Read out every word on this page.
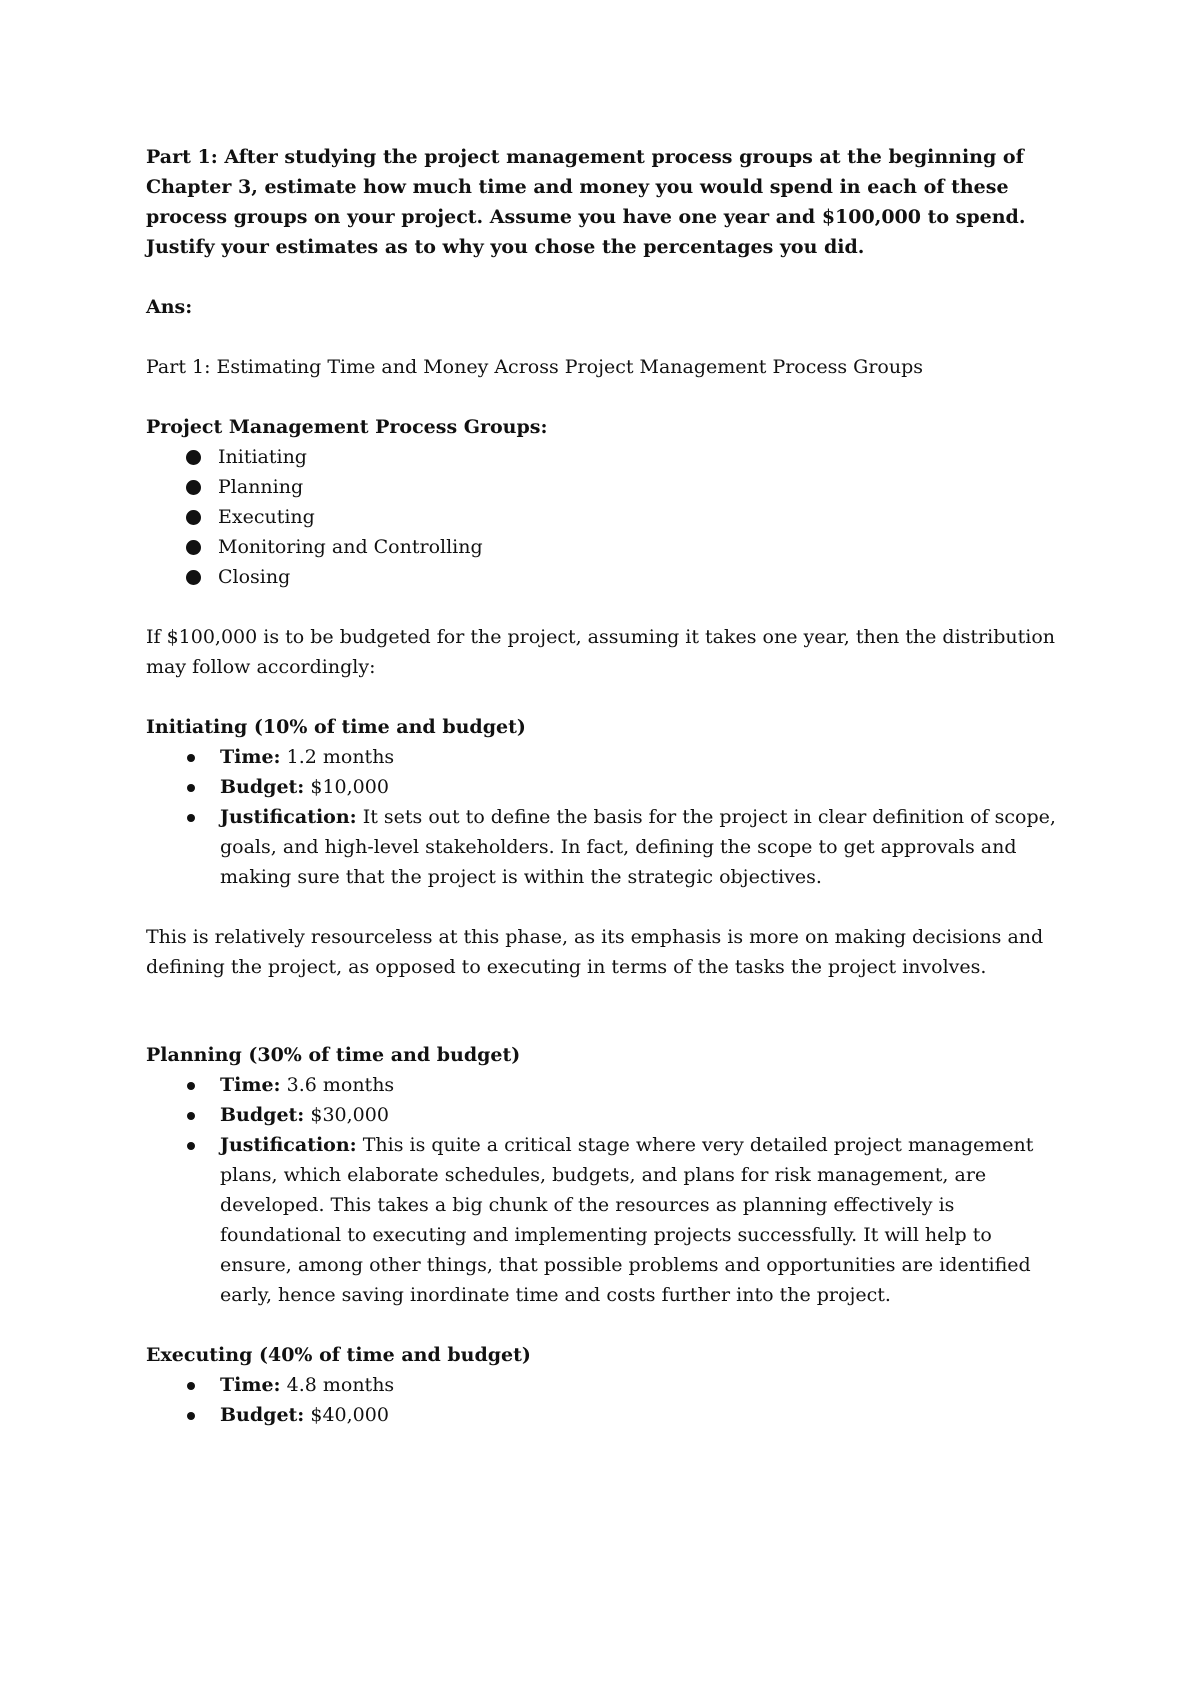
Part 1: After studying the project management process groups at the beginning of Chapter 3, estimate how much time and money you would spend in each of these process groups on your project. Assume you have one year and $100,000 to spend. Justify your estimates as to why you chose the percentages you did.

Ans:

Part 1: Estimating Time and Money Across Project Management Process Groups

Project Management Process Groups:

Initiating
Planning
Executing
Monitoring and Controlling
Closing

If $100,000 is to be budgeted for the project, assuming it takes one year, then the distribution may follow accordingly:

Initiating (10% of time and budget)

Time: 1.2 months
Budget: $10,000
Justification: It sets out to define the basis for the project in clear definition of scope, goals, and high-level stakeholders. In fact, defining the scope to get approvals and making sure that the project is within the strategic objectives.

This is relatively resourceless at this phase, as its emphasis is more on making decisions and defining the project, as opposed to executing in terms of the tasks the project involves.

Planning (30% of time and budget)

Time: 3.6 months
Budget: $30,000
Justification: This is quite a critical stage where very detailed project management plans, which elaborate schedules, budgets, and plans for risk management, are developed. This takes a big chunk of the resources as planning effectively is foundational to executing and implementing projects successfully. It will help to ensure, among other things, that possible problems and opportunities are identified early, hence saving inordinate time and costs further into the project.

Executing (40% of time and budget)

Time: 4.8 months
Budget: $40,000
